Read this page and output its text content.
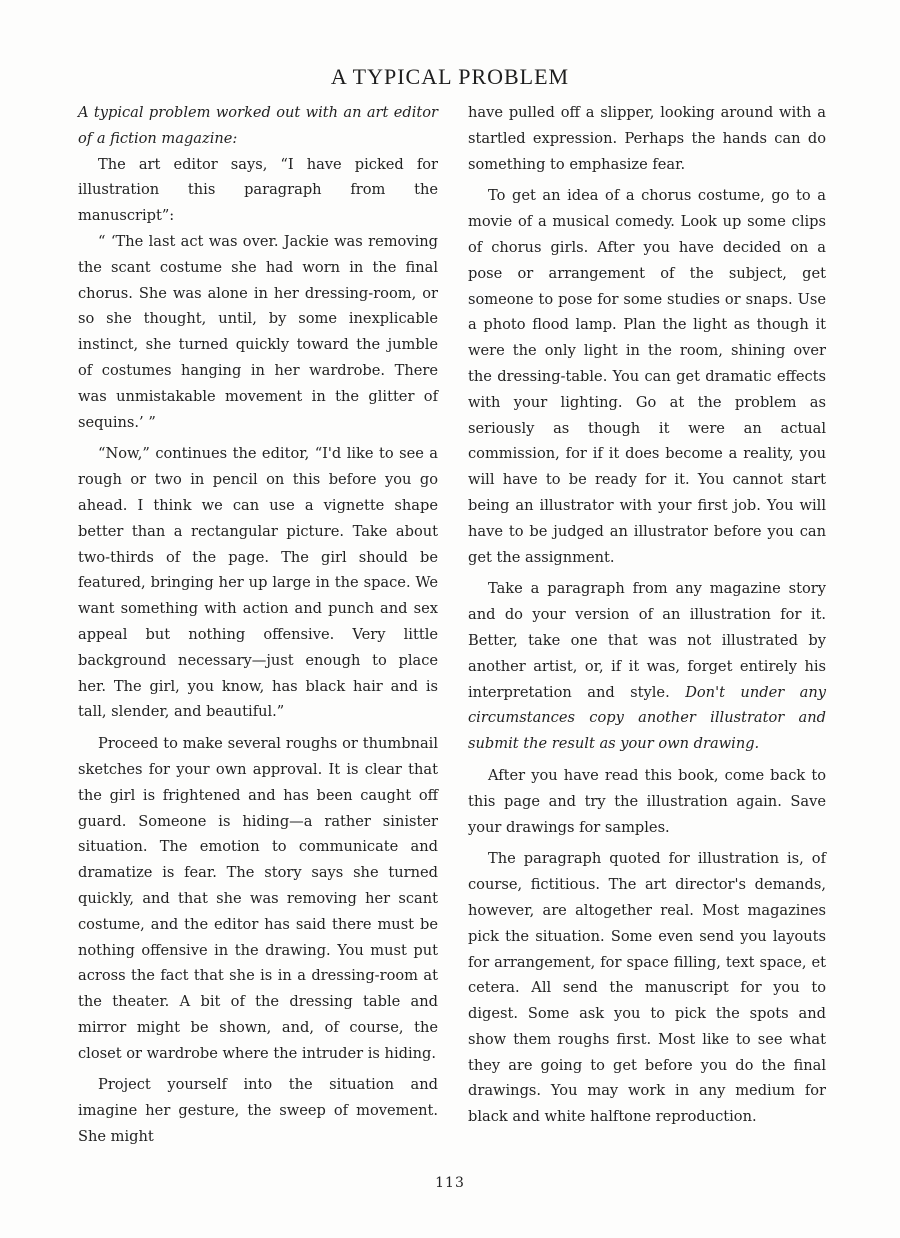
A TYPICAL PROBLEM

A typical problem worked out with an art editor of a fiction magazine:

The art editor says, “I have picked for illustration this paragraph from the manuscript”:

“ ‘The last act was over. Jackie was removing the scant costume she had worn in the final chorus. She was alone in her dressing-room, or so she thought, until, by some inexplicable instinct, she turned quickly toward the jumble of costumes hanging in her wardrobe. There was unmistakable movement in the glitter of sequins.’ ”

“Now,” continues the editor, “I'd like to see a rough or two in pencil on this before you go ahead. I think we can use a vignette shape better than a rectangular picture. Take about two-thirds of the page. The girl should be featured, bringing her up large in the space. We want something with action and punch and sex appeal but nothing offensive. Very little background necessary—just enough to place her. The girl, you know, has black hair and is tall, slender, and beautiful.”

Proceed to make several roughs or thumbnail sketches for your own approval. It is clear that the girl is frightened and has been caught off guard. Someone is hiding—a rather sinister situation. The emotion to communicate and dramatize is fear. The story says she turned quickly, and that she was removing her scant costume, and the editor has said there must be nothing offensive in the drawing. You must put across the fact that she is in a dressing-room at the theater. A bit of the dressing table and mirror might be shown, and, of course, the closet or wardrobe where the intruder is hiding.

Project yourself into the situation and imagine her gesture, the sweep of movement. She might

have pulled off a slipper, looking around with a startled expression. Perhaps the hands can do something to emphasize fear.

To get an idea of a chorus costume, go to a movie of a musical comedy. Look up some clips of chorus girls. After you have decided on a pose or arrangement of the subject, get someone to pose for some studies or snaps. Use a photo flood lamp. Plan the light as though it were the only light in the room, shining over the dressing-table. You can get dramatic effects with your lighting. Go at the problem as seriously as though it were an actual commission, for if it does become a reality, you will have to be ready for it. You cannot start being an illustrator with your first job. You will have to be judged an illustrator before you can get the assignment.

Take a paragraph from any magazine story and do your version of an illustration for it. Better, take one that was not illustrated by another artist, or, if it was, forget entirely his interpretation and style. Don't under any circumstances copy another illustrator and submit the result as your own drawing.

After you have read this book, come back to this page and try the illustration again. Save your drawings for samples.

The paragraph quoted for illustration is, of course, fictitious. The art director's demands, however, are altogether real. Most magazines pick the situation. Some even send you layouts for arrangement, for space filling, text space, et cetera. All send the manuscript for you to digest. Some ask you to pick the spots and show them roughs first. Most like to see what they are going to get before you do the final drawings. You may work in any medium for black and white halftone reproduction.

113
